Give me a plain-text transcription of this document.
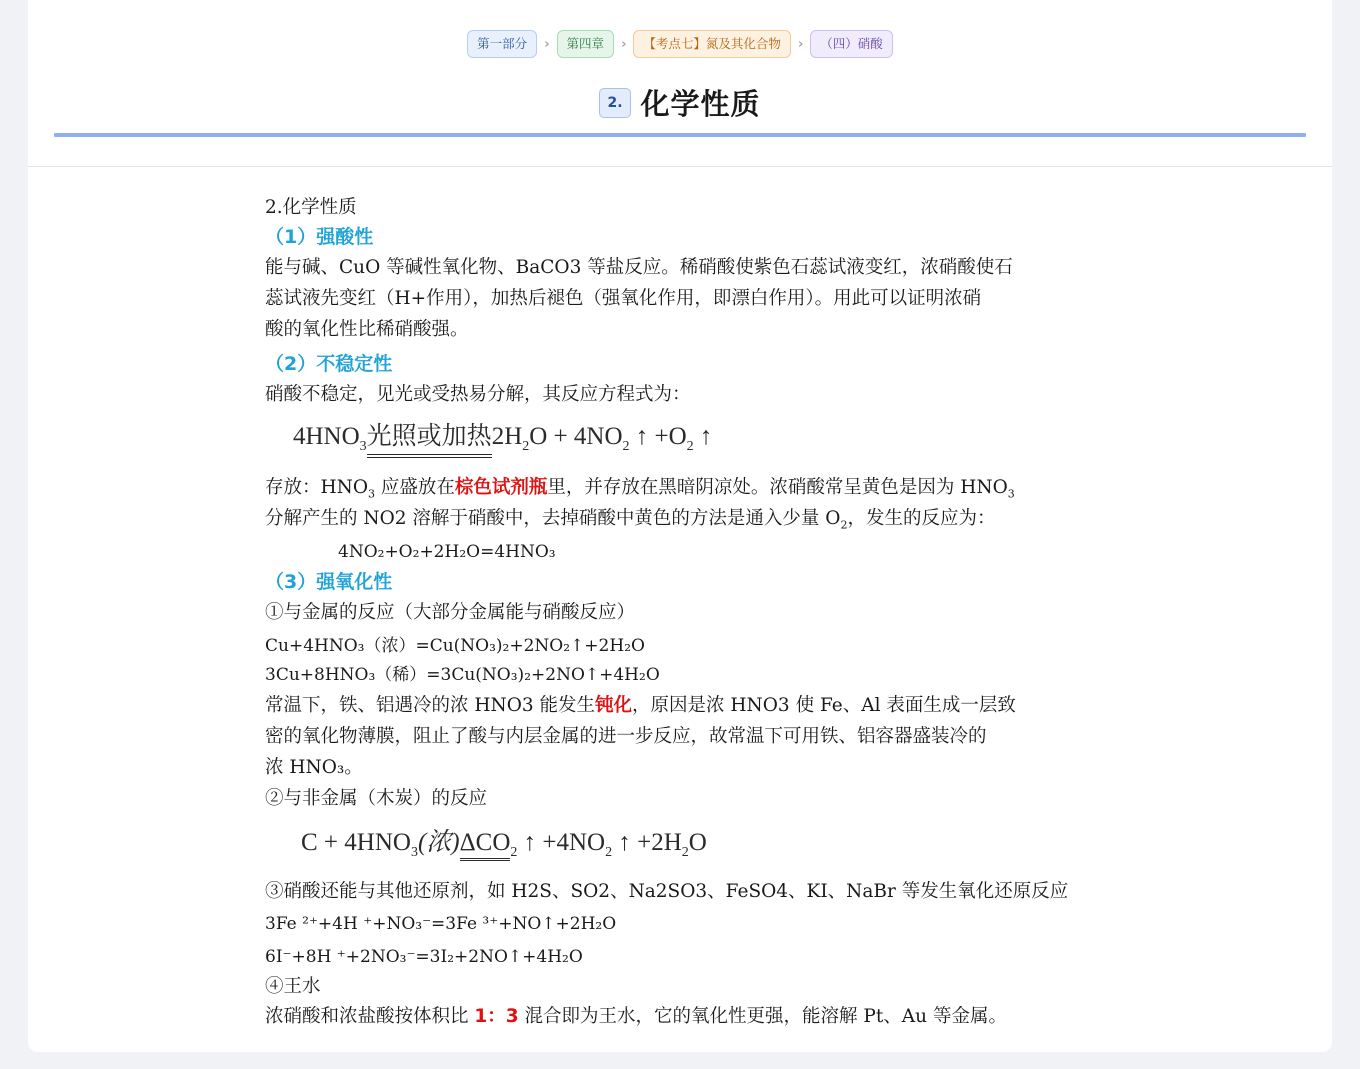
第一部分	›	第四章	›	【考点七】氮及其化合物	›	（四）硝酸
2. 化学性质
2.化学性质
（1）强酸性
能与碱、CuO 等碱性氧化物、BaCO3 等盐反应。稀硝酸使紫色石蕊试液变红，浓硝酸使石
蕊试液先变红（H+作用），加热后褪色（强氧化作用，即漂白作用）。用此可以证明浓硝
酸的氧化性比稀硝酸强。
（2）不稳定性
硝酸不稳定，见光或受热易分解，其反应方程式为：
$4HNO_3$光照或加热$2H_2O + 4NO_2$ ↑ $+O_2$ ↑
存放：$HNO_3$ 应盛放在棕色试剂瓶里，并存放在黑暗阴凉处。浓硝酸常呈黄色是因为 $HNO_3$
分解产生的 NO2 溶解于硝酸中，去掉硝酸中黄色的方法是通入少量 $O_2$，发生的反应为：
4NO₂+O₂+2H₂O=4HNO₃
（3）强氧化性
①与金属的反应（大部分金属能与硝酸反应）
Cu+4HNO₃（浓）=Cu(NO₃)₂+2NO₂↑+2H₂O
3Cu+8HNO₃（稀）=3Cu(NO₃)₂+2NO↑+4H₂O
常温下，铁、铝遇冷的浓 HNO3 能发生钝化，原因是浓 HNO3 使 Fe、Al 表面生成一层致
密的氧化物薄膜，阻止了酸与内层金属的进一步反应，故常温下可用铁、铝容器盛装冷的
浓 HNO₃。
②与非金属（木炭）的反应
$C + 4HNO_3$(浓)$\Delta CO_2$ ↑ $+4NO_2$ ↑ $+2H_2O$
③硝酸还能与其他还原剂，如 H2S、SO2、Na2SO3、FeSO4、KI、NaBr 等发生氧化还原反应
3Fe ²⁺+4H ⁺+NO₃⁻=3Fe ³⁺+NO↑+2H₂O
6I⁻+8H ⁺+2NO₃⁻=3I₂+2NO↑+4H₂O
④王水
浓硝酸和浓盐酸按体积比 1：3 混合即为王水，它的氧化性更强，能溶解 Pt、Au 等金属。
